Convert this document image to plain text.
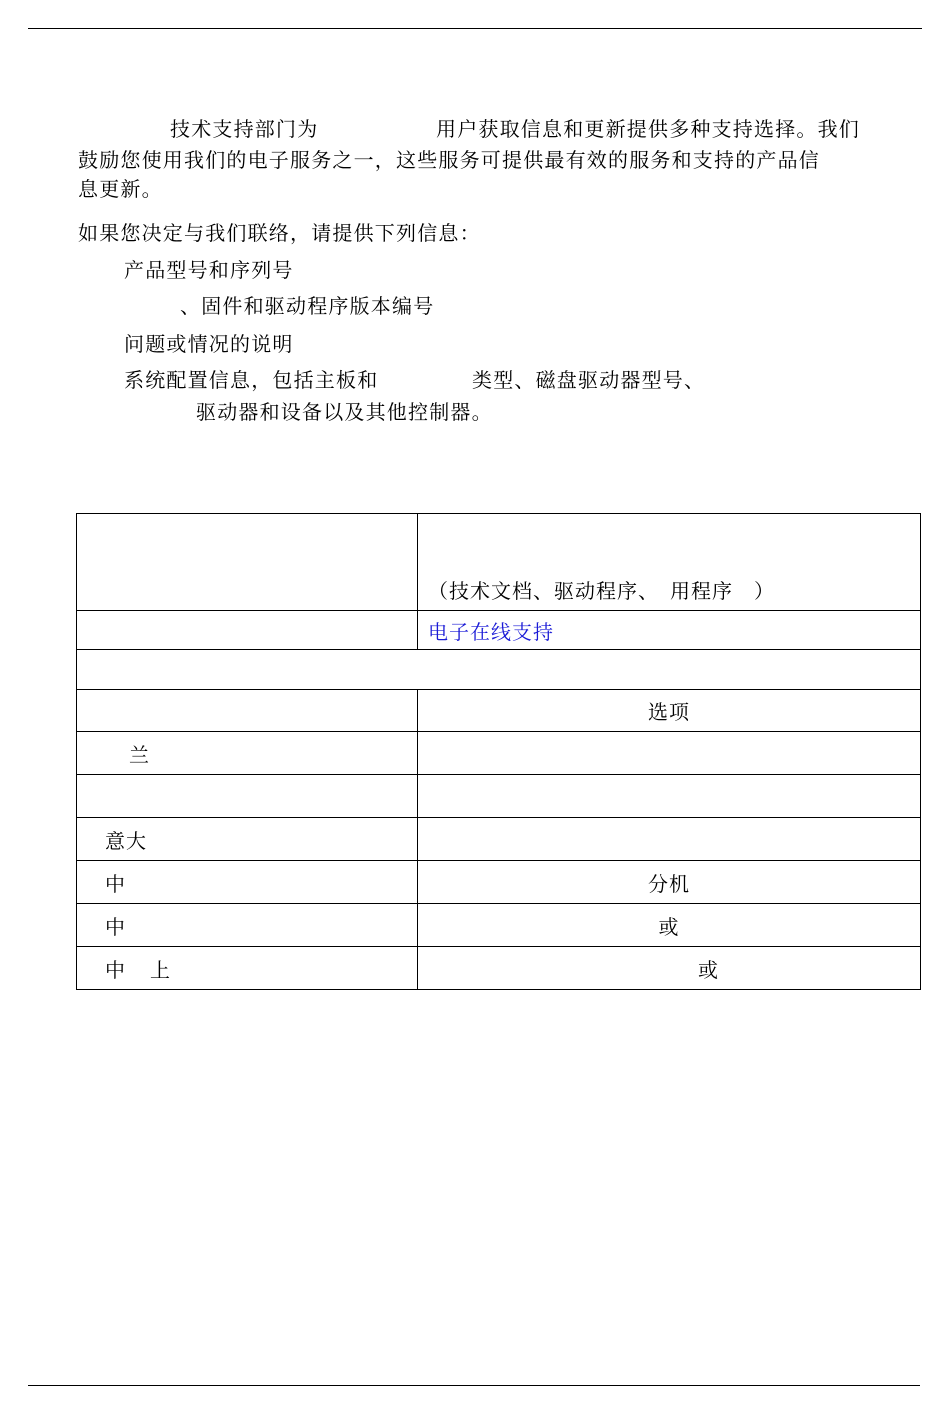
技术支持部门为	用户获取信息和更新提供多种支持选择。我们
鼓励您使用我们的电子服务之一，这些服务可提供最有效的服务和支持的产品信
息更新。
如果您决定与我们联络，请提供下列信息：
产品型号和序列号
、固件和驱动程序版本编号
问题或情况的说明
系统配置信息，包括主板和	类型、磁盘驱动器型号、
驱动器和设备以及其他控制器。
	（技术文档、驱动程序、　用程序　）
	电子在线支持

	选项
兰	

意大	
中	分机
中	或
中 上	或
